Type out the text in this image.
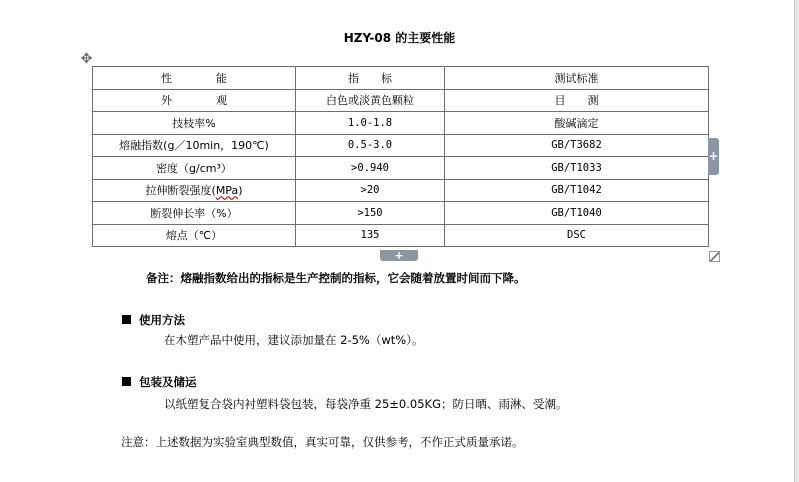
HZY-08 的主要性能
✥
性　　　　能	指　　标	测试标准
外　　　　观	白色或淡黄色颗粒	目　　测
技枝率%	1.0-1.8	酸碱滴定
熔融指数(g／10min，190℃)	0.5-3.0	GB/T3682
密度（g/cm³）	>0.940	GB/T1033
拉伸断裂强度(MPa)	>20	GB/T1042
断裂伸长率（%）	>150	GB/T1040
熔点（℃）	135	DSC
+
+
备注：熔融指数给出的指标是生产控制的指标，它会随着放置时间而下降。
使用方法
在木塑产品中使用，建议添加量在 2-5%（wt%）。
包装及储运
以纸塑复合袋内衬塑料袋包装，每袋净重 25±0.05KG；防日晒、雨淋、受潮。
注意：上述数据为实验室典型数值，真实可靠，仅供参考，不作正式质量承诺。
